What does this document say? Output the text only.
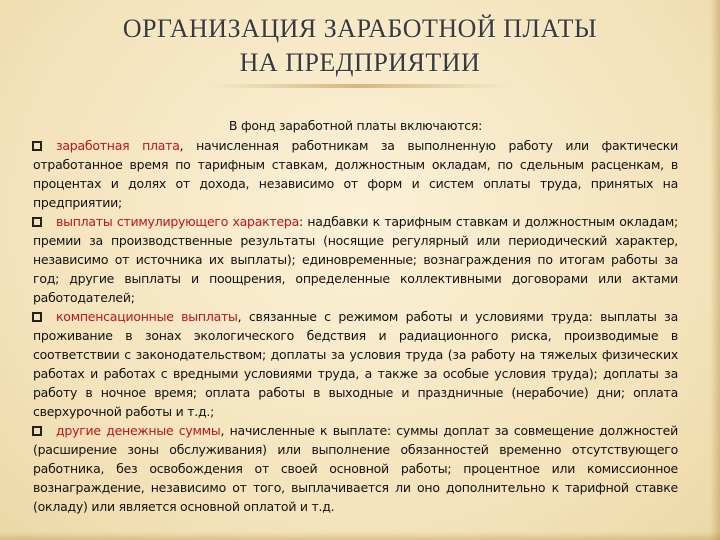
ОРГАНИЗАЦИЯ ЗАРАБОТНОЙ ПЛАТЫ
НА ПРЕДПРИЯТИИ

В фонд заработной платы включаются:

заработная плата, начисленная работникам за выполненную работу или фактически отработанное время по тарифным ставкам, должностным окладам, по сдельным расценкам, в процентах и долях от дохода, независимо от форм и систем оплаты труда, принятых на предприятии;

выплаты стимулирующего характера: надбавки к тарифным ставкам и должностным окладам; премии за производственные результаты (носящие регулярный или периодический характер, независимо от источника их выплаты); единовременные; вознаграждения по итогам работы за год; другие выплаты и поощрения, определенные коллективными договорами или актами работодателей;

компенсационные выплаты, связанные с режимом работы и условиями труда: выплаты за проживание в зонах экологического бедствия и радиационного риска, производимые в соответствии с законодательством; доплаты за условия труда (за работу на тяжелых физических работах и работах с вредными условиями труда, а также за особые условия труда); доплаты за работу в ночное время; оплата работы в выходные и праздничные (нерабочие) дни; оплата сверхурочной работы и т.д.;

другие денежные суммы, начисленные к выплате: суммы доплат за совмещение должностей (расширение зоны обслуживания) или выполнение обязанностей временно отсутствующего работника, без освобождения от своей основной работы; процентное или комиссионное вознаграждение, независимо от того, выплачивается ли оно дополнительно к тарифной ставке (окладу) или является основной оплатой и т.д.
